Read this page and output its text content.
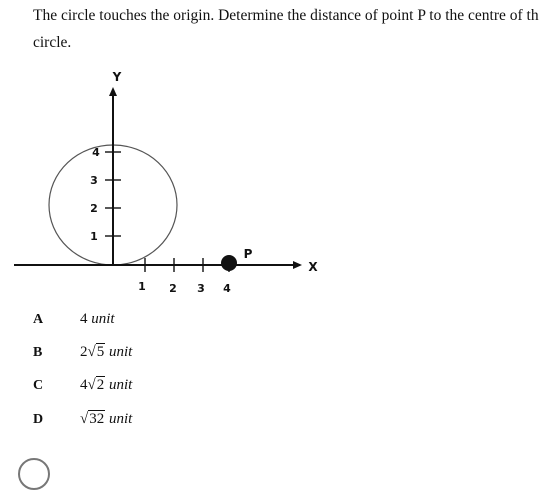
The circle touches the origin. Determine the distance of point P to the centre of th
circle.
1 2 3 4
1
2
3
4
Y
X
P
A 4 unit
B	2√5 unit
C 4√2 unit
D √32 unit
